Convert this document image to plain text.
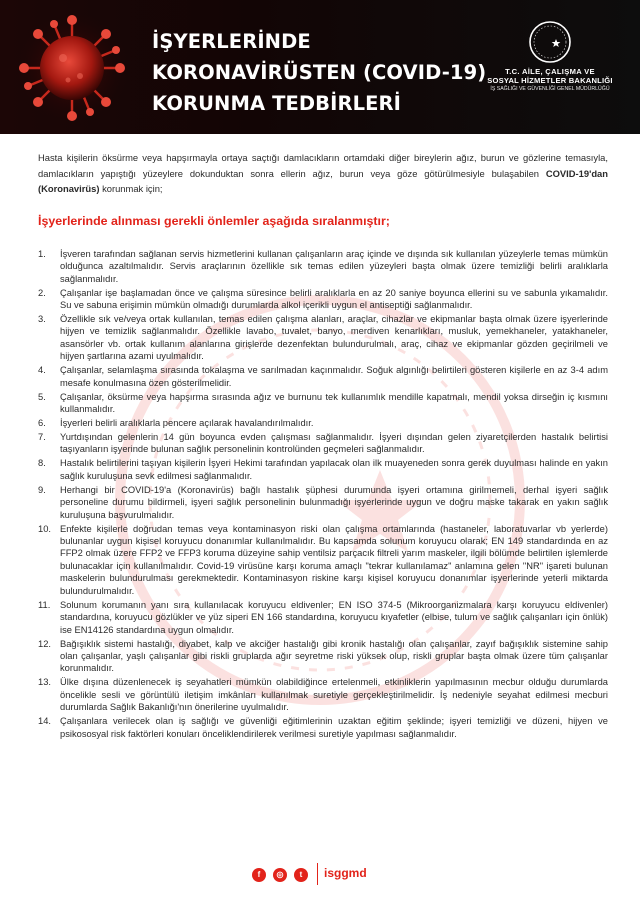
İŞYERLERİNDE
KORONAVİRÜSTEN (COVID-19)
KORUNMA TEDBİRLERİ
T.C. AİLE, ÇALIŞMA VE
SOSYAL HİZMETLER BAKANLIĞI
İŞ SAĞLIĞI VE GÜVENLİĞİ GENEL MÜDÜRLÜĞÜ

Hasta kişilerin öksürme veya hapşırmayla ortaya saçtığı damlacıkların ortamdaki diğer bireylerin ağız, burun ve gözlerine temasıyla, damlacıkların yapıştığı yüzeylere dokunduktan sonra ellerin ağız, burun veya göze götürülmesiyle bulaşabilen COVID-19'dan (Koronavirüs) korunmak için;

İşyerlerinde alınması gerekli önlemler aşağıda sıralanmıştır;
1.	İşveren tarafından sağlanan servis hizmetlerini kullanan çalışanların araç içinde ve dışında sık kullanılan yüzeylerle temas mümkün olduğunca azaltılmalıdır. Servis araçlarının özellikle sık temas edilen yüzeyleri başta olmak üzere temizliği belirli aralıklarla sağlanmalıdır.
2.	Çalışanlar işe başlamadan önce ve çalışma süresince belirli aralıklarla en az 20 saniye boyunca ellerini su ve sabunla yıkamalıdır. Su ve sabuna erişimin mümkün olmadığı durumlarda alkol içerikli uygun el antiseptiği sağlanmalıdır.
3.	Özellikle sık ve/veya ortak kullanılan, temas edilen çalışma alanları, araçlar, cihazlar ve ekipmanlar başta olmak üzere işyerlerinde hijyen ve temizlik sağlanmalıdır. Özellikle lavabo, tuvalet, banyo, merdiven kenarlıkları, musluk, yemekhaneler, yatakhaneler, asansörler vb. ortak kullanım alanlarına girişlerde dezenfektan bulundurulmalı, araç, cihaz ve ekipmanlar gözden geçirilmeli ve hijyen şartlarına azami uyulmalıdır.
4.	Çalışanlar, selamlaşma sırasında tokalaşma ve sarılmadan kaçınmalıdır. Soğuk algınlığı belirtileri gösteren kişilerle en az 3-4 adım mesafe konulmasına özen gösterilmelidir.
5.	Çalışanlar, öksürme veya hapşırma sırasında ağız ve burnunu tek kullanımlık mendille kapatmalı, mendil yoksa dirseğin iç kısmını kullanmalıdır.
6.	İşyerleri belirli aralıklarla pencere açılarak havalandırılmalıdır.
7.	Yurtdışından gelenlerin 14 gün boyunca evden çalışması sağlanmalıdır. İşyeri dışından gelen ziyaretçilerden hastalık belirtisi taşıyanların işyerinde bulunan sağlık personelinin kontrolünden geçmeleri sağlanmalıdır.
8.	Hastalık belirtilerini taşıyan kişilerin İşyeri Hekimi tarafından yapılacak olan ilk muayeneden sonra gerek duyulması halinde en yakın sağlık kuruluşuna sevk edilmesi sağlanmalıdır.
9.	Herhangi bir COVID-19'a (Koronavirüs) bağlı hastalık şüphesi durumunda işyeri ortamına girilmemeli, derhal işyeri sağlık personeline durumu bildirmeli, işyeri sağlık personelinin bulunmadığı işyerlerinde uygun ve doğru maske takarak en yakın sağlık kuruluşuna başvurulmalıdır.
10. Enfekte kişilerle doğrudan temas veya kontaminasyon riski olan çalışma ortamlarında (hastaneler, laboratuvarlar vb yerlerde) bulunanlar uygun kişisel koruyucu donanımlar kullanılmalıdır. Bu kapsamda solunum koruyucu olarak; EN 149 standardında en az FFP2 olmak üzere FFP2 ve FFP3 koruma düzeyine sahip ventilsiz parçacık filtreli yarım maskeler, ilgili bölümde belirtilen işlemlerde bulunacaklar için kullanılmalıdır. Covid-19 virüsüne karşı koruma amaçlı "tekrar kullanılamaz" anlamına gelen "NR" işareti bulunan maskelerin bulundurulması gerekmektedir. Kontaminasyon riskine karşı kişisel koruyucu donanımlar işyerlerinde yeterli miktarda bulundurulmalıdır.
11.	Solunum korumanın yanı sıra kullanılacak koruyucu eldivenler; EN ISO 374-5 (Mikroorganizmalara karşı koruyucu eldivenler) standardına, koruyucu gözlükler ve yüz siperi EN 166 standardına, koruyucu kıyafetler (elbise, tulum ve sağlık çalışanları için önlük) ise EN14126 standardına uygun olmalıdır.
12. Bağışıklık sistemi hastalığı, diyabet, kalp ve akciğer hastalığı gibi kronik hastalığı olan çalışanlar, zayıf bağışıklık sistemine sahip olan çalışanlar, yaşlı çalışanlar gibi riskli gruplarda ağır seyretme riski yüksek olup, riskli gruplar başta olmak üzere tüm çalışanlar korunmalıdır.
13. Ülke dışına düzenlenecek iş seyahatleri mümkün olabildiğince ertelenmeli, etkinliklerin yapılmasının mecbur olduğu durumlarda öncelikle sesli ve görüntülü iletişim imkânları kullanılmak suretiyle gerçekleştirilmelidir. İş nedeniyle seyahat edilmesi mecburi durumlarda Sağlık Bakanlığı'nın önerilerine uyulmalıdır.
14. Çalışanlara verilecek olan iş sağlığı ve güvenliği eğitimlerinin uzaktan eğitim şeklinde; işyeri temizliği ve düzeni, hijyen ve psikososyal risk faktörleri konuları önceliklendirilerek verilmesi suretiyle yapılması sağlanmalıdır.
f	◎	t	isggmd
